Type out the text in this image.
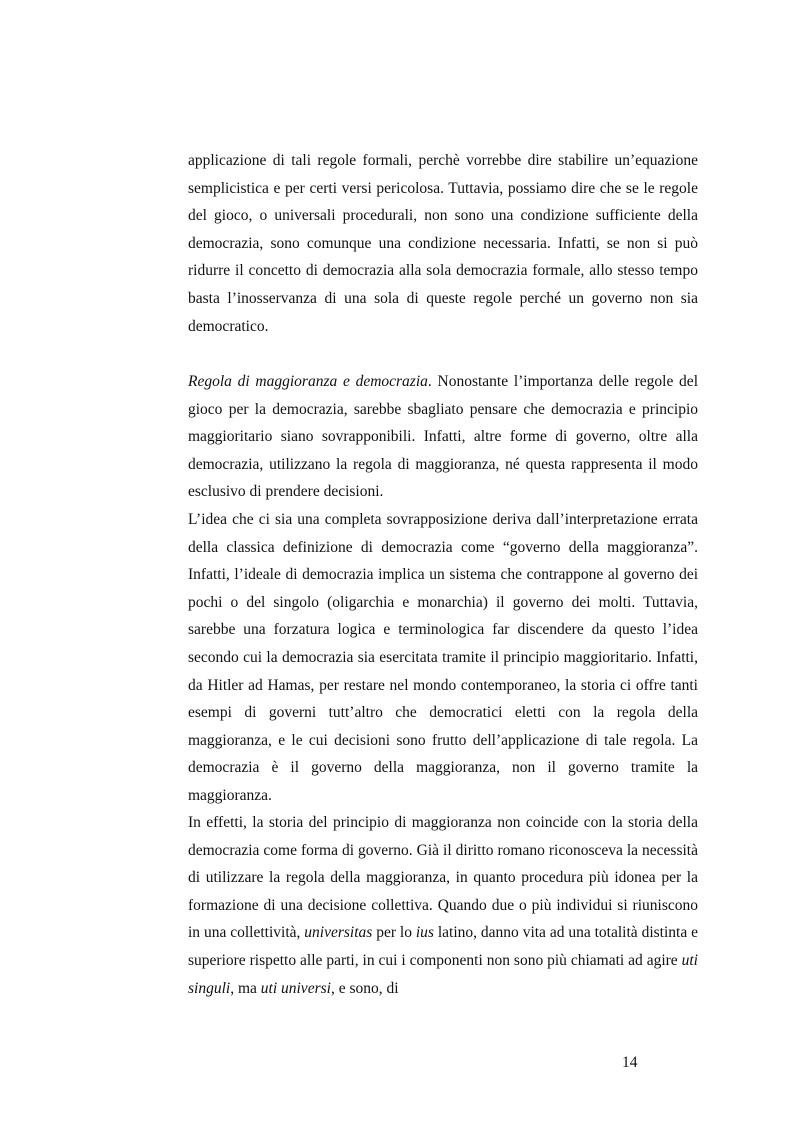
applicazione di tali regole formali, perchè vorrebbe dire stabilire un’equazione semplicistica e per certi versi pericolosa. Tuttavia, possiamo dire che se le regole del gioco, o universali procedurali, non sono una condizione sufficiente della democrazia, sono comunque una condizione necessaria. Infatti, se non si può ridurre il concetto di democrazia alla sola democrazia formale, allo stesso tempo basta l’inosservanza di una sola di queste regole perché un governo non sia democratico.

Regola di maggioranza e democrazia. Nonostante l’importanza delle regole del gioco per la democrazia, sarebbe sbagliato pensare che democrazia e principio maggioritario siano sovrapponibili. Infatti, altre forme di governo, oltre alla democrazia, utilizzano la regola di maggioranza, né questa rappresenta il modo esclusivo di prendere decisioni.

L’idea che ci sia una completa sovrapposizione deriva dall’interpretazione errata della classica definizione di democrazia come “governo della maggioranza”. Infatti, l’ideale di democrazia implica un sistema che contrappone al governo dei pochi o del singolo (oligarchia e monarchia) il governo dei molti. Tuttavia, sarebbe una forzatura logica e terminologica far discendere da questo l’idea secondo cui la democrazia sia esercitata tramite il principio maggioritario. Infatti, da Hitler ad Hamas, per restare nel mondo contemporaneo, la storia ci offre tanti esempi di governi tutt’altro che democratici eletti con la regola della maggioranza, e le cui decisioni sono frutto dell’applicazione di tale regola. La democrazia è il governo della maggioranza, non il governo tramite la maggioranza.

In effetti, la storia del principio di maggioranza non coincide con la storia della democrazia come forma di governo. Già il diritto romano riconosceva la necessità di utilizzare la regola della maggioranza, in quanto procedura più idonea per la formazione di una decisione collettiva. Quando due o più individui si riuniscono in una collettività, universitas per lo ius latino, danno vita ad una totalità distinta e superiore rispetto alle parti, in cui i componenti non sono più chiamati ad agire uti singuli, ma uti universi, e sono, di

14
